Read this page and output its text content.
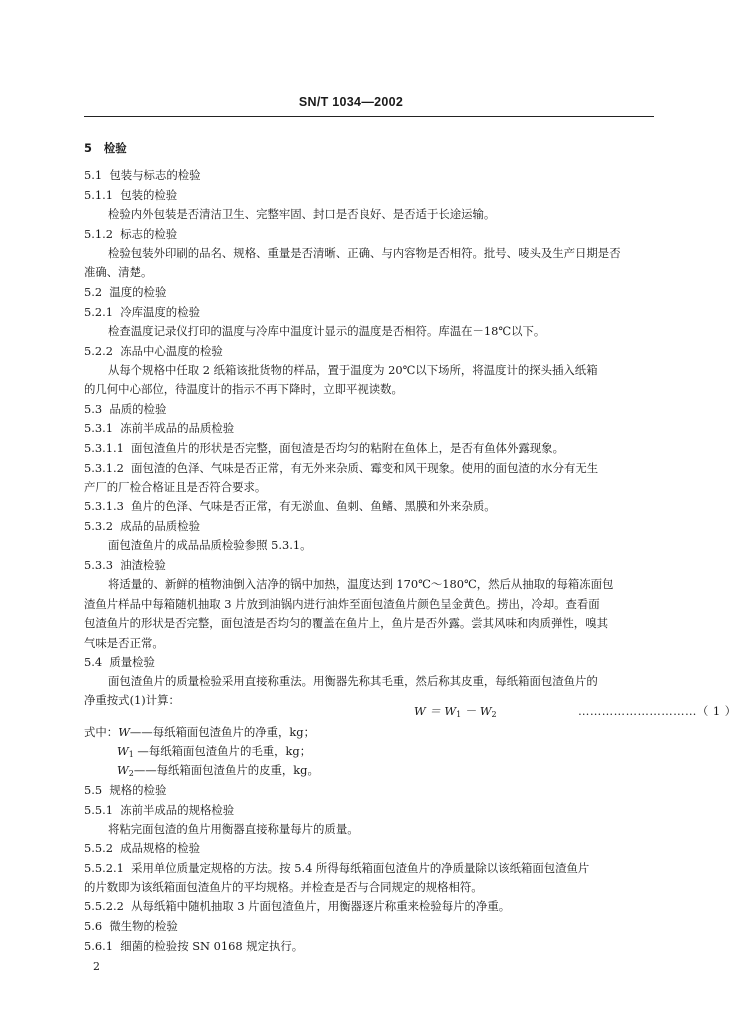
SN/T 1034—2002
5 检验
5.1 包装与标志的检验
5.1.1 包装的检验
检验内外包装是否清洁卫生、完整牢固、封口是否良好、是否适于长途运输。
5.1.2 标志的检验
检验包装外印刷的品名、规格、重量是否清晰、正确、与内容物是否相符。批号、唛头及生产日期是否
准确、清楚。
5.2 温度的检验
5.2.1 冷库温度的检验
检查温度记录仪打印的温度与冷库中温度计显示的温度是否相符。库温在－18℃以下。
5.2.2 冻品中心温度的检验
从每个规格中任取 2 纸箱该批货物的样品，置于温度为 20℃以下场所，将温度计的探头插入纸箱
的几何中心部位，待温度计的指示不再下降时，立即平视读数。
5.3 品质的检验
5.3.1 冻前半成品的品质检验
5.3.1.1 面包渣鱼片的形状是否完整，面包渣是否均匀的粘附在鱼体上，是否有鱼体外露现象。
5.3.1.2 面包渣的色泽、气味是否正常，有无外来杂质、霉变和风干现象。使用的面包渣的水分有无生
产厂的厂检合格证且是否符合要求。
5.3.1.3 鱼片的色泽、气味是否正常，有无淤血、鱼刺、鱼鳍、黑膜和外来杂质。
5.3.2 成品的品质检验
面包渣鱼片的成品品质检验参照 5.3.1。
5.3.3 油渣检验
将适量的、新鲜的植物油倒入洁净的锅中加热，温度达到 170℃～180℃，然后从抽取的每箱冻面包
渣鱼片样品中每箱随机抽取 3 片放到油锅内进行油炸至面包渣鱼片颜色呈金黄色。捞出，冷却。查看面
包渣鱼片的形状是否完整，面包渣是否均匀的覆盖在鱼片上，鱼片是否外露。尝其风味和肉质弹性，嗅其
气味是否正常。
5.4 质量检验
面包渣鱼片的质量检验采用直接称重法。用衡器先称其毛重，然后称其皮重，每纸箱面包渣鱼片的
净重按式(1)计算：
W ＝ W1 － W2	…………………………（ 1 ）
式中：W——每纸箱面包渣鱼片的净重，kg；
W1 —每纸箱面包渣鱼片的毛重，kg；
W2——每纸箱面包渣鱼片的皮重，kg。
5.5 规格的检验
5.5.1 冻前半成品的规格检验
将粘完面包渣的鱼片用衡器直接称量每片的质量。
5.5.2 成品规格的检验
5.5.2.1 采用单位质量定规格的方法。按 5.4 所得每纸箱面包渣鱼片的净质量除以该纸箱面包渣鱼片
的片数即为该纸箱面包渣鱼片的平均规格。并检查是否与合同规定的规格相符。
5.5.2.2 从每纸箱中随机抽取 3 片面包渣鱼片，用衡器逐片称重来检验每片的净重。
5.6 微生物的检验
5.6.1 细菌的检验按 SN 0168 规定执行。
2
